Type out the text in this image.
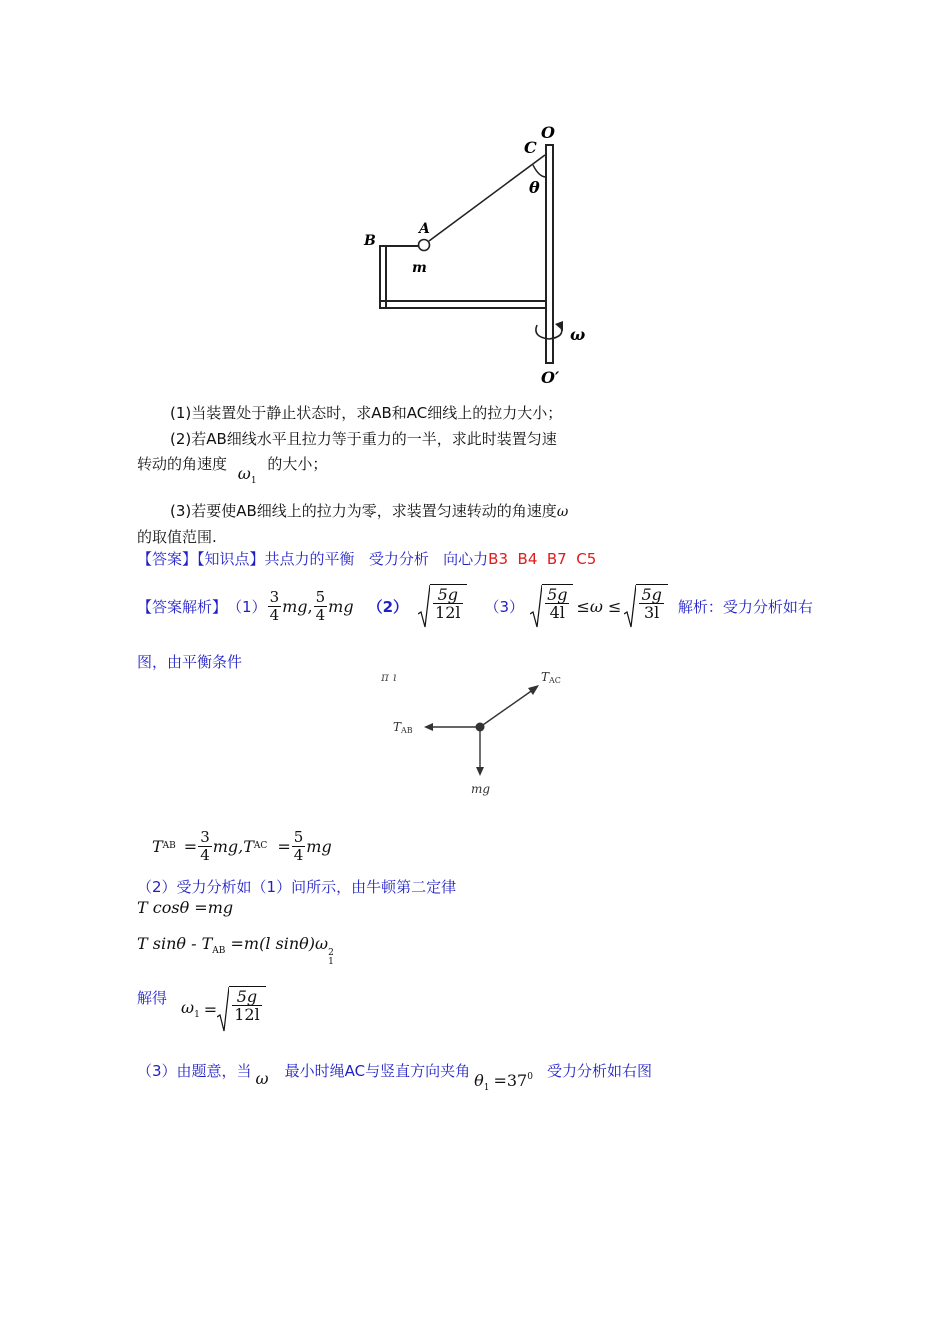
O
C
θ
A
B
m
ω
O′
(1)当装置处于静止状态时，求AB和AC细线上的拉力大小；
(2)若AB细线水平且拉力等于重力的一半，求此时装置匀速
转动的角速度 $\omega_1$ 的大小；
(3)若要使AB细线上的拉力为零，求装置匀速转动的角速度ω
的取值范围.
【答案】【知识点】共点力的平衡   受力分析   向心力B3  B4  B7  C5
【答案解析】 $(1) \frac{3}{4}$ mg , $\frac{5}{4}$ mg $(2) \frac{5g}{12l} (3) \frac{5g}{4l} \le\omega \le \frac{5g}{3l}$ 解析：受力分析如右
图，由平衡条件
π ı	TAC
TAB
mg
T AB = $\frac{3}{4} mg,T$ AC = $\frac{5}{4}$ mg
（2）受力分析如（1）问所示，由牛顿第二定律
T cosθ =mg
T $\sin\theta - T_{AB} =m(l$ sinθ)ω 2
1
解得
$\omega_1 = \frac{5g}{12l}$
（3）由题意，当 ω 最小时绳AC与竖直方向夹角
$\theta_1 =37^0$ 受力分析如右图
